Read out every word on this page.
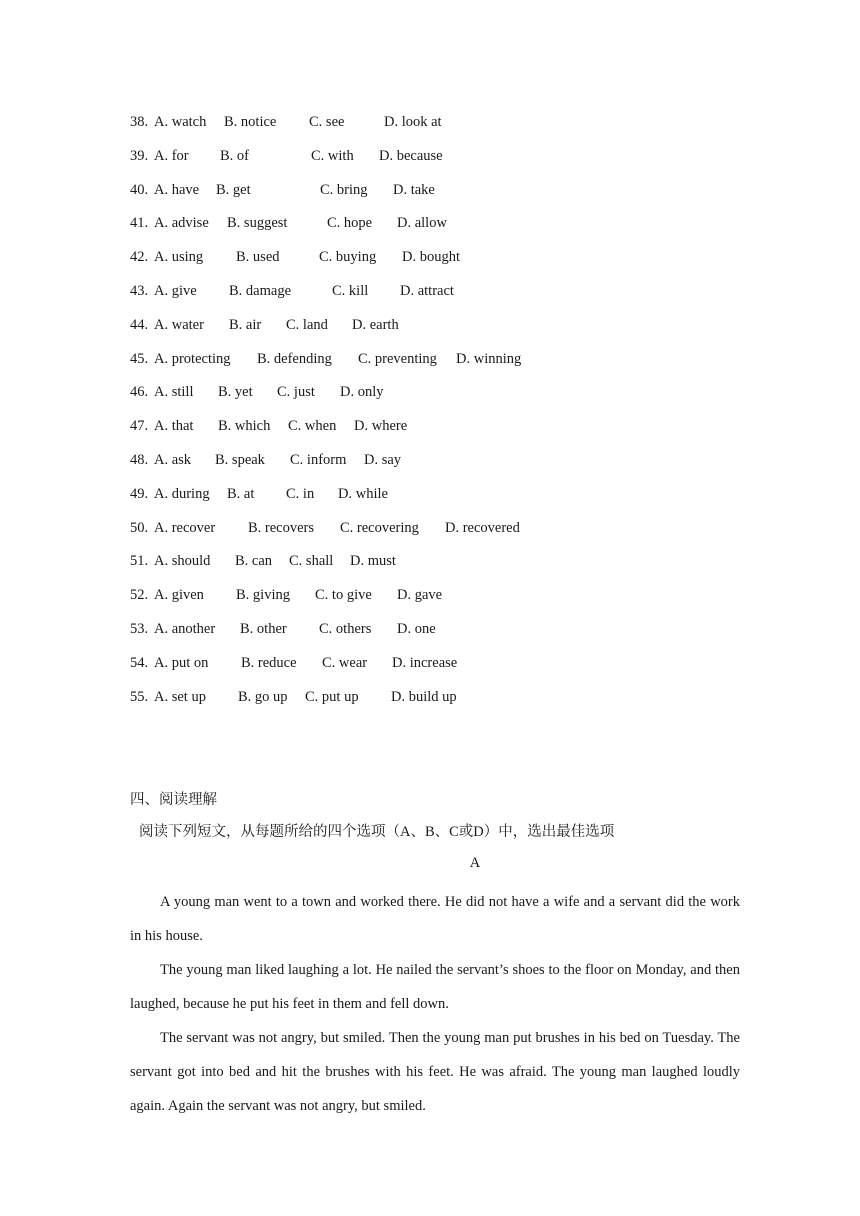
38. A. watch B. notice C. see	D. look at
39. A. for B. of	C. with D. because
40. A. have B. get	C. bring D. take
41. A. advise B. suggest	C. hope D. allow
42. A. using B. used	C. buying D. bought
43. A. give B. damage	C. kill D. attract
44. A. water B. air C. land D. earth
45. A. protecting B. defending C. preventing D. winning
46. A. still B. yet C. just D. only
47. A. that B. which C. when D. where
48. A. ask B. speak C. inform D. say
49. A. during B. at C. in D. while
50. A. recover B. recovers C. recovering D. recovered
51. A. should B. can C. shall D. must
52. A. given B. giving C. to give D. gave
53. A. another B. other C. others D. one
54. A. put on B. reduce C. wear D. increase
55. A. set up B. go up C. put up D. build up
四、阅读理解
阅读下列短文，从每题所给的四个选项（A、B、C或D）中，选出最佳选项
A

A young man went to a town and worked there. He did not have a wife and a servant did the work in his house.

The young man liked laughing a lot. He nailed the servant’s shoes to the floor on Monday, and then laughed, because he put his feet in them and fell down.

The servant was not angry, but smiled. Then the young man put brushes in his bed on Tuesday. The servant got into bed and hit the brushes with his feet. He was afraid. The young man laughed loudly again. Again the servant was not angry, but smiled.
